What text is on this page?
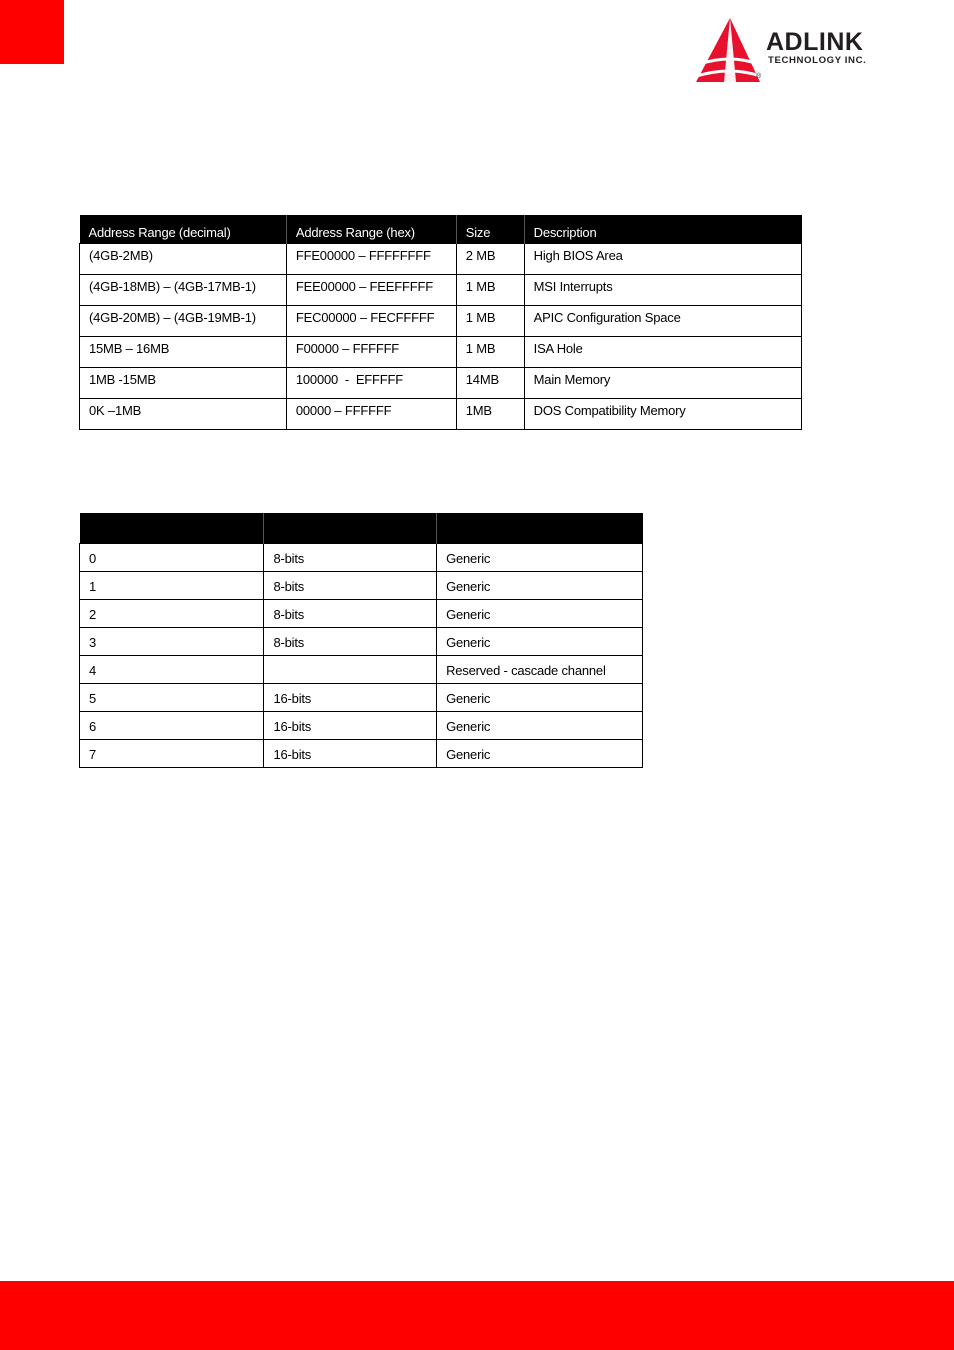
ADLINK
TECHNOLOGY INC.
®
Address Range (decimal)	Address Range (hex)	Size	Description
(4GB-2MB)	FFE00000 – FFFFFFFF	2 MB	High BIOS Area
(4GB-18MB) – (4GB-17MB-1)	FEE00000 – FEEFFFFF	1 MB	MSI Interrupts
(4GB-20MB) – (4GB-19MB-1)	FEC00000 – FECFFFFF	1 MB	APIC Configuration Space
15MB – 16MB	F00000 – FFFFFF	1 MB	ISA Hole
1MB -15MB	100000  -  EFFFFF	14MB	Main Memory
0K –1MB	00000 – FFFFFF	1MB	DOS Compatibility Memory

0	8-bits	Generic
1	8-bits	Generic
2	8-bits	Generic
3	8-bits	Generic
4		Reserved - cascade channel
5	16-bits	Generic
6	16-bits	Generic
7	16-bits	Generic
